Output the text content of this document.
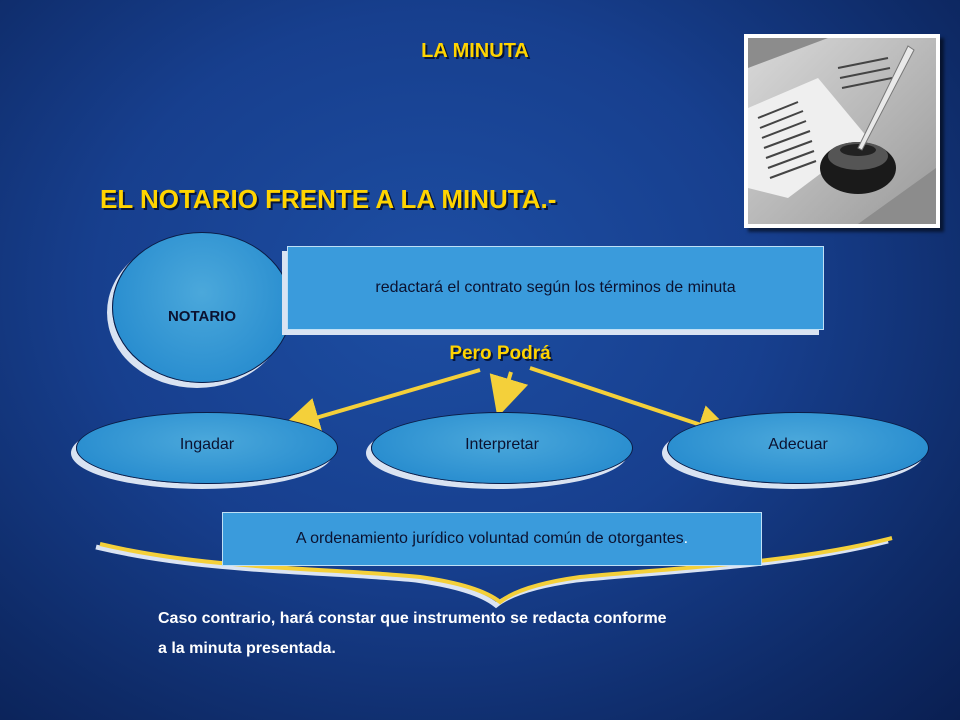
LA MINUTA
EL NOTARIO FRENTE A LA MINUTA.-
NOTARIO
redactará el contrato según los términos de minuta
Pero Podrá
Ingadar	Interpretar	Adecuar
A ordenamiento jurídico voluntad común de otorgantes .
Caso contrario, hará constar que instrumento se redacta conforme
a la minuta presentada.
